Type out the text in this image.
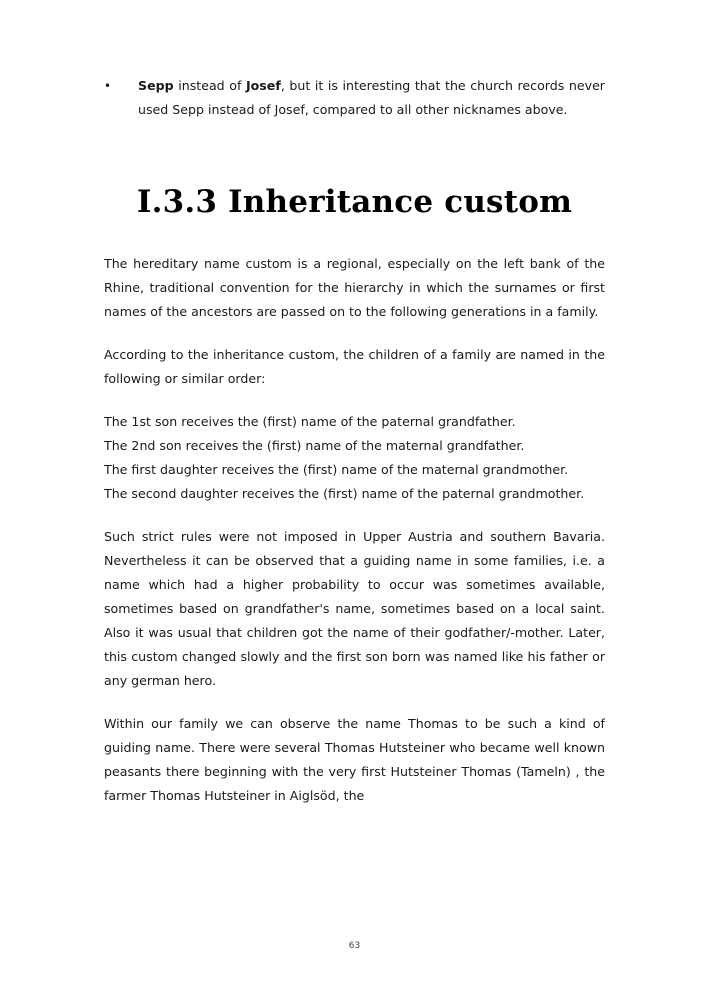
• Sepp instead of Josef, but it is interesting that the church records never used Sepp instead of Josef, compared to all other nicknames above.
I.3.3 Inheritance custom

The hereditary name custom is a regional, especially on the left bank of the Rhine, traditional convention for the hierarchy in which the surnames or first names of the ancestors are passed on to the following generations in a family.

According to the inheritance custom, the children of a family are named in the following or similar order:

The 1st son receives the (first) name of the paternal grandfather.
The 2nd son receives the (first) name of the maternal grandfather.
The first daughter receives the (first) name of the maternal grandmother.
The second daughter receives the (first) name of the paternal grandmother.

Such strict rules were not imposed in Upper Austria and southern Bavaria. Nevertheless it can be observed that a guiding name in some families, i.e. a name which had a higher probability to occur was sometimes available, sometimes based on grandfather's name, sometimes based on a local saint. Also it was usual that children got the name of their godfather/-mother. Later, this custom changed slowly and the first son born was named like his father or any german hero.

Within our family we can observe the name Thomas to be such a kind of guiding name. There were several Thomas Hutsteiner who became well known peasants there beginning with the very first Hutsteiner Thomas (Tameln) , the farmer Thomas Hutsteiner in Aiglsöd, the

63
